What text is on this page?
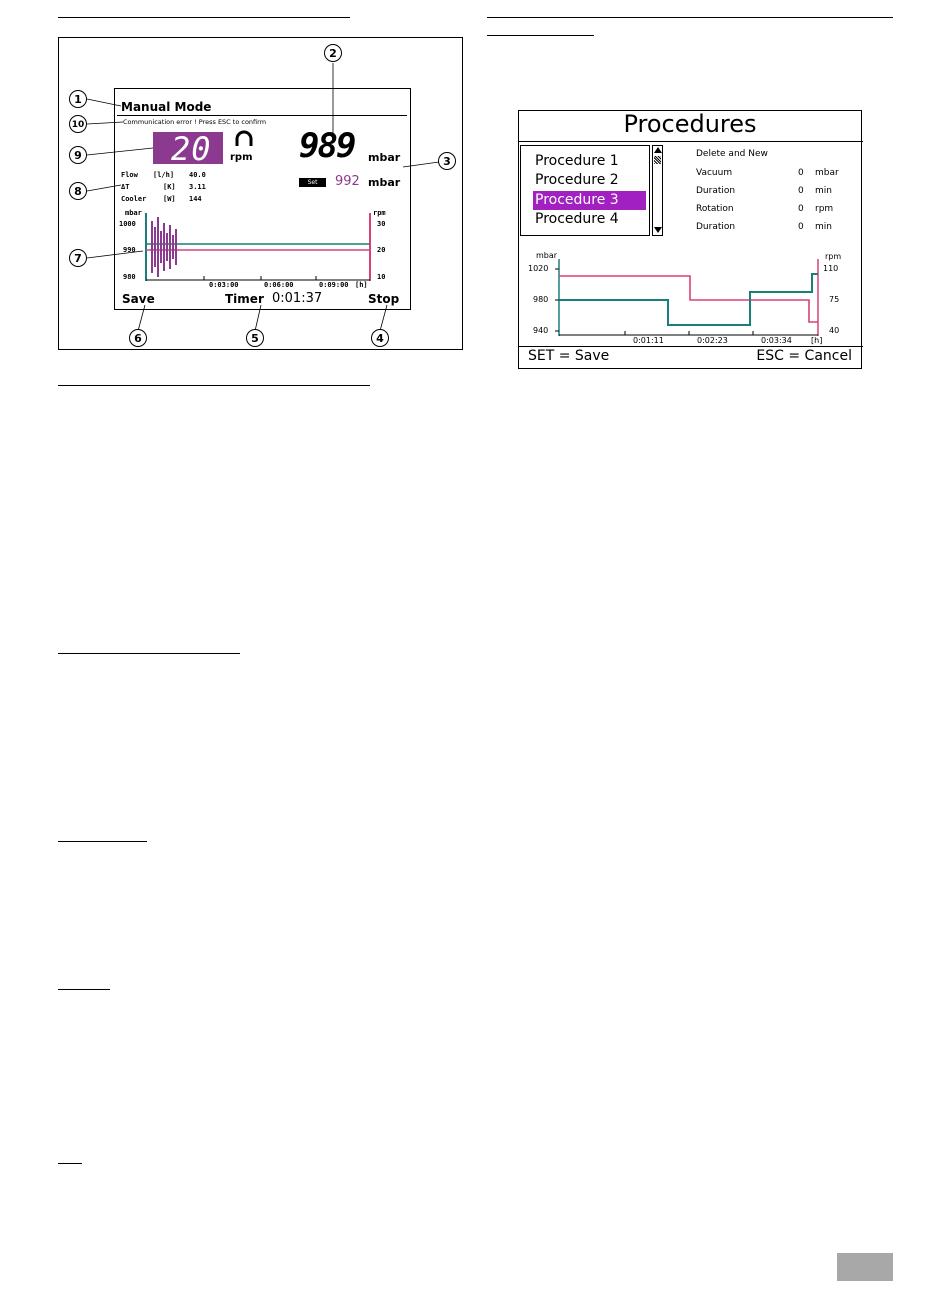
Manual Mode
Communication error ! Press ESC to confirm
20 rpm 989 mbar
Set	992 mbar
Flow [l/h] 40.0
ΔT	[K] 3.11
Cooler [W] 144
mbar
1000
990
980
rpm
30
20
10
0:03:00	0:06:00	0:09:00 [h]
Save	Timer 0:01:37	Stop
1
10
9
8
7
2
3
4
5
6
Procedures
Procedure 1
Procedure 2
Procedure 3
Procedure 4
Delete and New
Vacuum	0 mbar
Duration	0 min
Rotation	0 rpm
Duration	0 min
mbar
1020
980
940
rpm
110
75
40
0:01:11	0:02:23	0:03:34 [h]
SET = Save	ESC = Cancel
